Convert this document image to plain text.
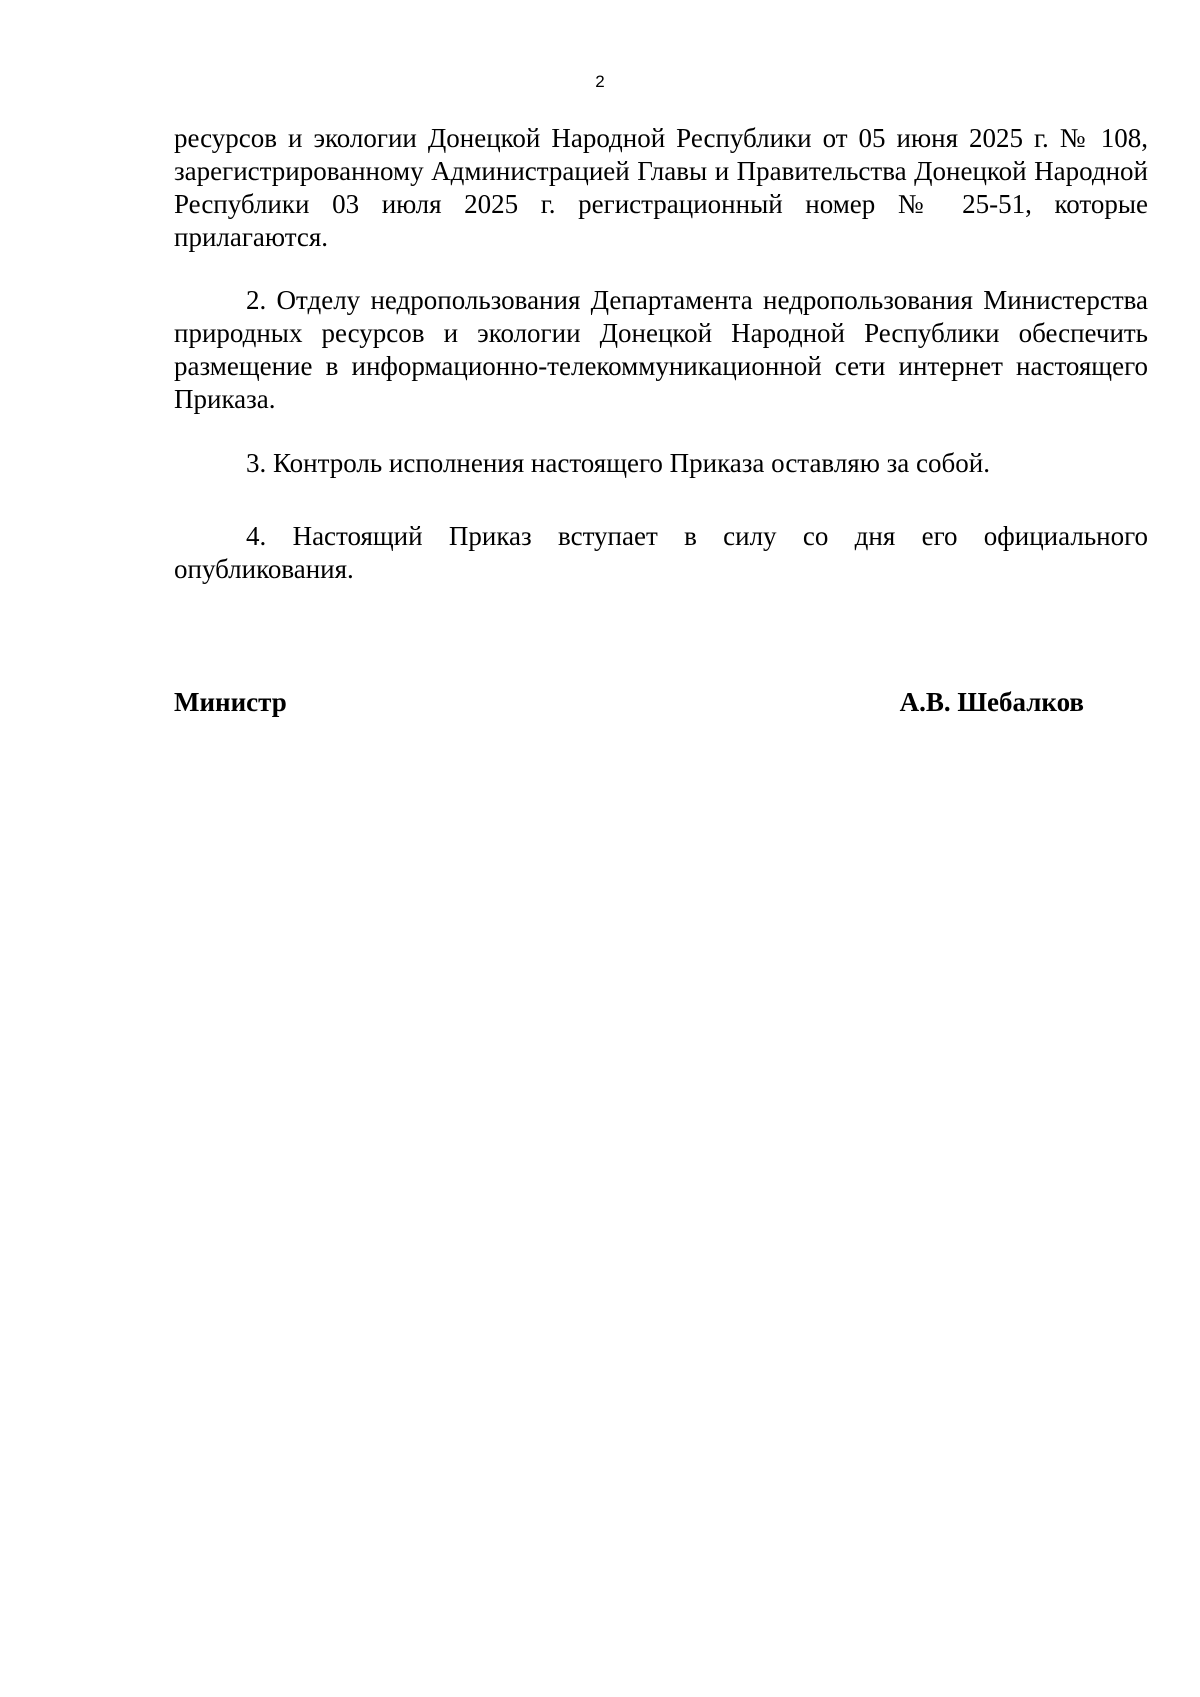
2

ресурсов и экологии Донецкой Народной Республики от 05 июня 2025 г. № 108, зарегистрированному Администрацией Главы и Правительства Донецкой Народной Республики 03 июля 2025 г. регистрационный номер № 25-51, которые прилагаются.

2. Отделу недропользования Департамента недропользования Министерства природных ресурсов и экологии Донецкой Народной Республики обеспечить размещение в информационно-телекоммуникационной сети интернет настоящего Приказа.

3. Контроль исполнения настоящего Приказа оставляю за собой.

4. Настоящий Приказ вступает в силу со дня его официального опубликования.

Министр	А.В. Шебалков
